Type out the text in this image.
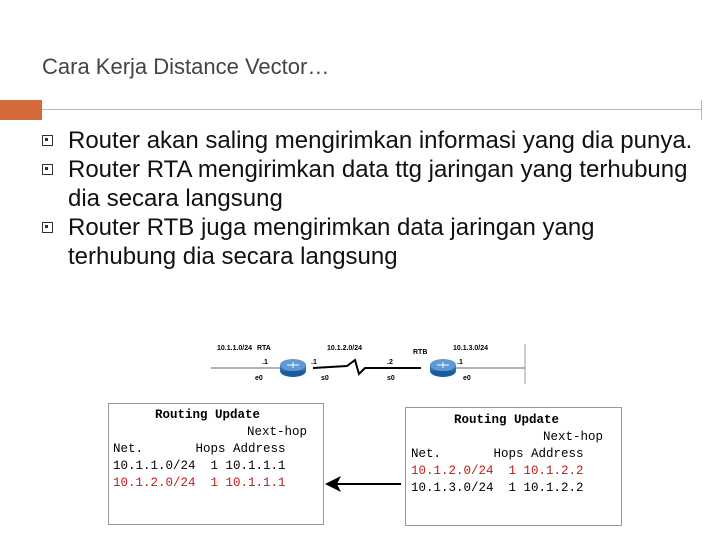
Cara Kerja Distance Vector…
Router akan saling mengirimkan informasi yang dia punya.
Router RTA mengirimkan data ttg jaringan yang terhubung dia secara langsung
Router RTB juga mengirimkan data jaringan yang terhubung dia secara langsung
10.1.1.0/24	10.1.2.0/24	10.1.3.0/24
RTA
RTB
.1	.1	.2	.1
e0	s0	s0	e0
Routing Update
Next-hop
Net.       Hops Address
10.1.1.0/24  1 10.1.1.1
10.1.2.0/24  1 10.1.1.1
Routing Update
Next-hop
Net.       Hops Address
10.1.2.0/24  1 10.1.2.2
10.1.3.0/24  1 10.1.2.2
